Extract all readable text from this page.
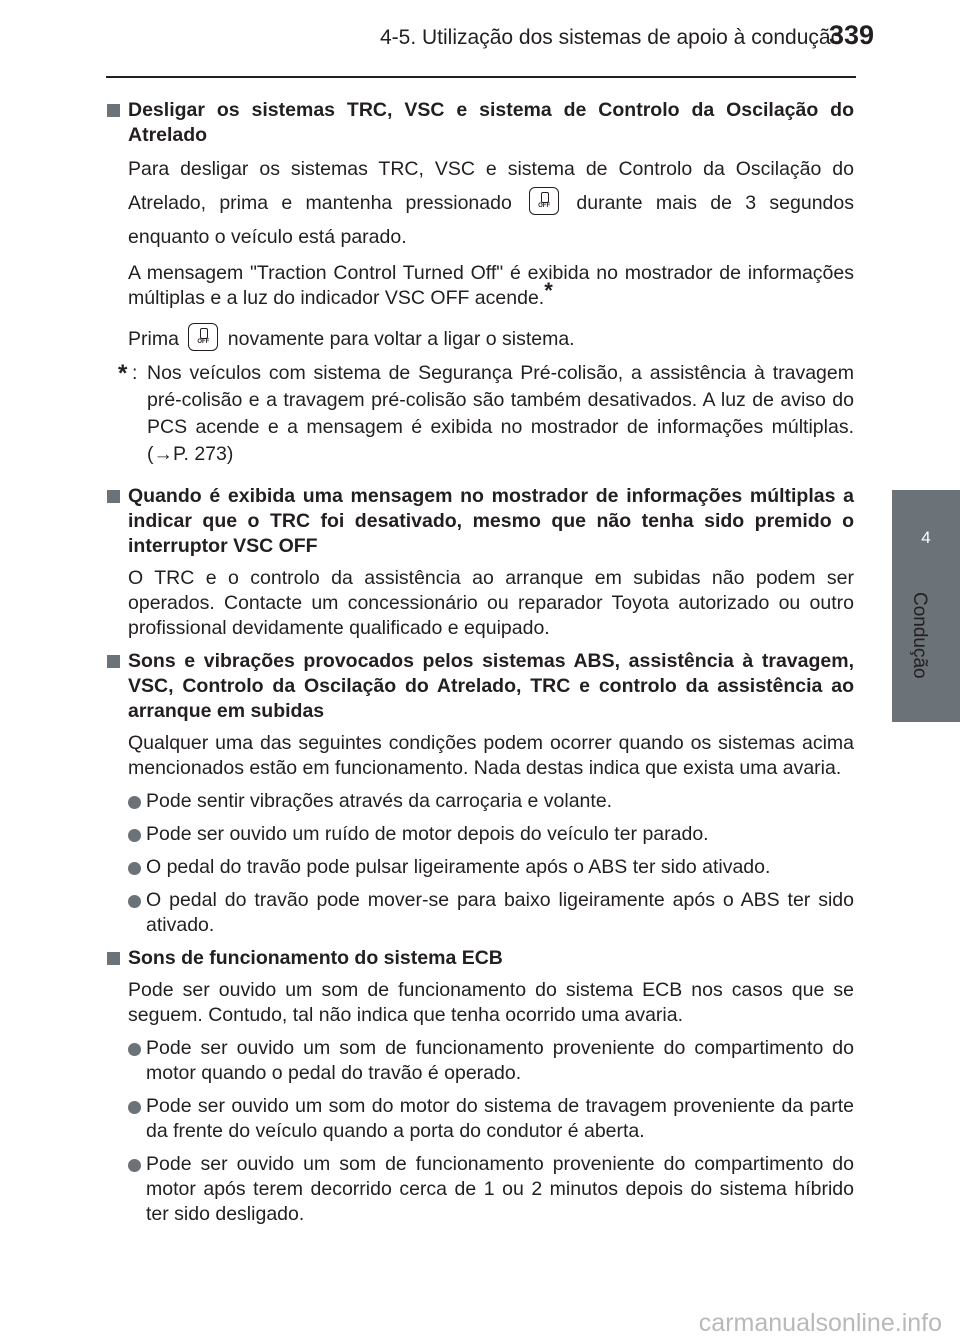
4-5. Utilização dos sistemas de apoio à condução
339
4
Condução
Desligar os sistemas TRC, VSC e sistema de Controlo da Oscilação do Atrelado
Para desligar os sistemas TRC, VSC e sistema de Controlo da Oscilação do Atrelado, prima e mantenha pressionado	OFF	durante mais de 3 segundos enquanto o veículo está parado.
A mensagem "Traction Control Turned Off" é exibida no mostrador de informações múltiplas e a luz do indicador VSC OFF acende.*
Prima	OFF novamente para voltar a ligar o sistema.
* : Nos veículos com sistema de Segurança Pré-colisão, a assistência à travagem pré-colisão e a travagem pré-colisão são também desativados. A luz de aviso do PCS acende e a mensagem é exibida no mostrador de informações múltiplas. (→P. 273)
Quando é exibida uma mensagem no mostrador de informações múltiplas a indicar que o TRC foi desativado, mesmo que não tenha sido premido o interruptor VSC OFF
O TRC e o controlo da assistência ao arranque em subidas não podem ser operados. Contacte um concessionário ou reparador Toyota autorizado ou outro profissional devidamente qualificado e equipado.
Sons e vibrações provocados pelos sistemas ABS, assistência à travagem, VSC, Controlo da Oscilação do Atrelado, TRC e controlo da assistência ao arranque em subidas
Qualquer uma das seguintes condições podem ocorrer quando os sistemas acima mencionados estão em funcionamento. Nada destas indica que exista uma avaria.
Pode sentir vibrações através da carroçaria e volante.
Pode ser ouvido um ruído de motor depois do veículo ter parado.
O pedal do travão pode pulsar ligeiramente após o ABS ter sido ativado.
O pedal do travão pode mover-se para baixo ligeiramente após o ABS ter sido ativado.
Sons de funcionamento do sistema ECB
Pode ser ouvido um som de funcionamento do sistema ECB nos casos que se seguem. Contudo, tal não indica que tenha ocorrido uma avaria.
Pode ser ouvido um som de funcionamento proveniente do compartimento do motor quando o pedal do travão é operado.
Pode ser ouvido um som do motor do sistema de travagem proveniente da parte da frente do veículo quando a porta do condutor é aberta.
Pode ser ouvido um som de funcionamento proveniente do compartimento do motor após terem decorrido cerca de 1 ou 2 minutos depois do sistema híbrido ter sido desligado.
carmanualsonline.info
